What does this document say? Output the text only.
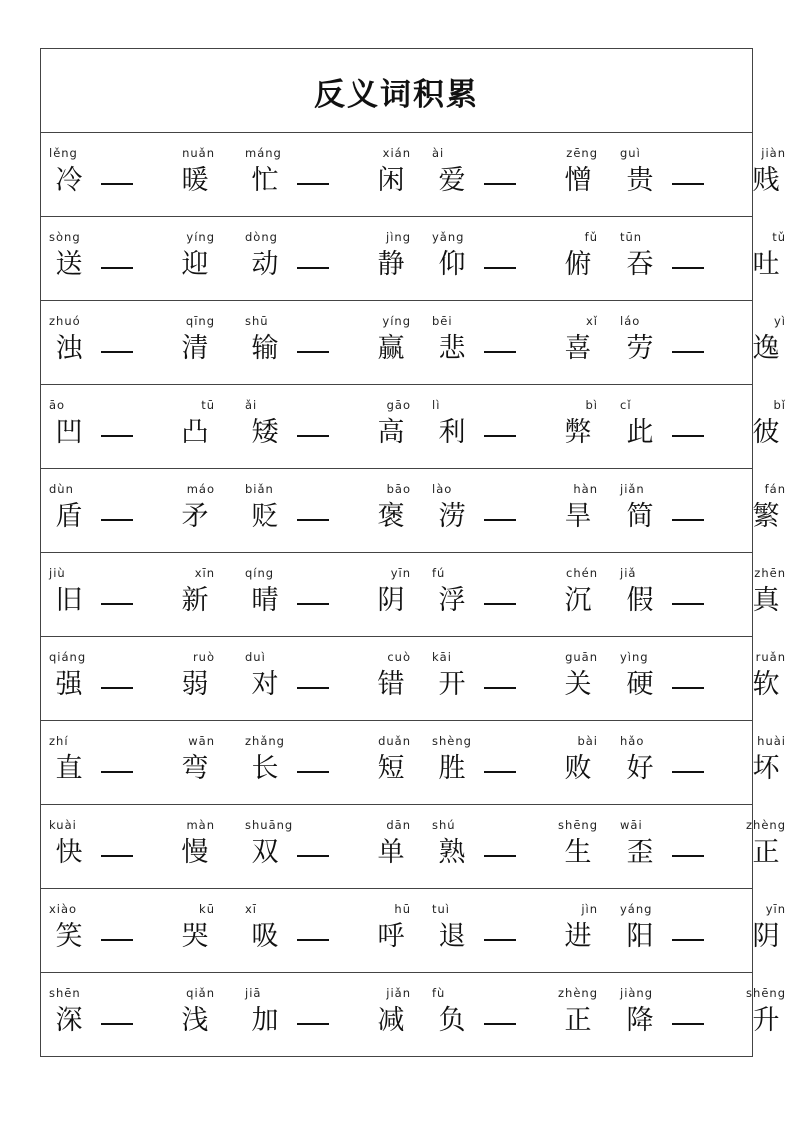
反义词积累
lěng
冷
nuǎn
暖
máng
忙
xián
闲
ài
爱
zēng
憎
guì
贵
jiàn
贱
sòng
送
yíng
迎
dòng
动
jìng
静
yǎng
仰
fǔ
俯
tūn
吞
tǔ
吐
zhuó
浊
qīng
清
shū
输
yíng
赢
bēi
悲
xǐ
喜
láo
劳
yì
逸
āo
凹
tū
凸
ǎi
矮
gāo
高
lì
利
bì
弊
cǐ
此
bǐ
彼
dùn
盾
máo
矛
biǎn
贬
bāo
褒
lào
涝
hàn
旱
jiǎn
简
fán
繁
jiù
旧
xīn
新
qíng
晴
yīn
阴
fú
浮
chén
沉
jiǎ
假
zhēn
真
qiáng
强
ruò
弱
duì
对
cuò
错
kāi
开
guān
关
yìng
硬
ruǎn
软
zhí
直
wān
弯
zhǎng
长
duǎn
短
shèng
胜
bài
败
hǎo
好
huài
坏
kuài
快
màn
慢
shuāng
双
dān
单
shú
熟
shēng
生
wāi
歪
zhèng
正
xiào
笑
kū
哭
xī
吸
hū
呼
tuì
退
jìn
进
yáng
阳
yīn
阴
shēn
深
qiǎn
浅
jiā
加
jiǎn
减
fù
负
zhèng
正
jiàng
降
shēng
升
